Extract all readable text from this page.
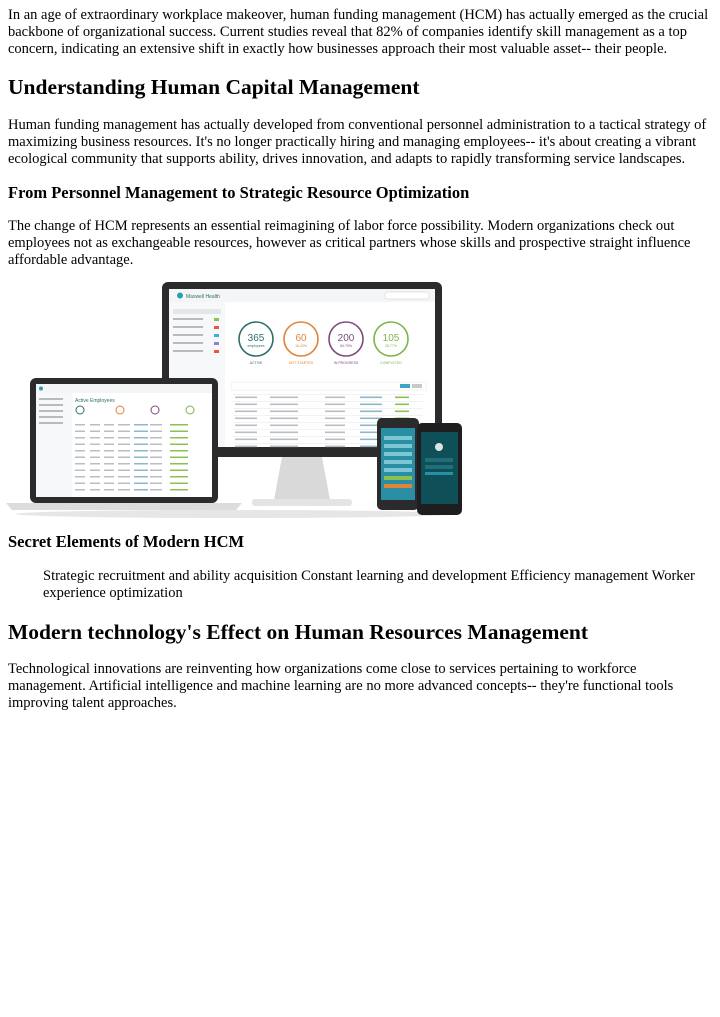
In an age of extraordinary workplace makeover, human funding management (HCM) has actually emerged as the crucial backbone of organizational success. Current studies reveal that 82% of companies identify skill management as a top concern, indicating an extensive shift in exactly how businesses approach their most valuable asset-- their people.

Understanding Human Capital Management

Human funding management has actually developed from conventional personnel administration to a tactical strategy of maximizing business resources. It's no longer practically hiring and managing employees-- it's about creating a vibrant ecological community that supports ability, drives innovation, and adapts to rapidly transforming service landscapes.

From Personnel Management to Strategic Resource Optimization

The change of HCM represents an essential reimagining of labor force possibility. Modern organizations check out employees not as exchangeable resources, however as critical partners whose skills and prospective straight influence affordable advantage.

Maxwell Health
365
employees
ACTIVE
60
16.43%
NOT STARTED
200
54.79%
IN PROGRESS
105
28.77%
COMPLETED
Active Employees
Secret Elements of Modern HCM

Strategic recruitment and ability acquisition Constant learning and development Efficiency management Worker experience optimization

Modern technology's Effect on Human Resources Management

Technological innovations are reinventing how organizations come close to services pertaining to workforce management. Artificial intelligence and machine learning are no more advanced concepts-- they're functional tools improving talent approaches.
